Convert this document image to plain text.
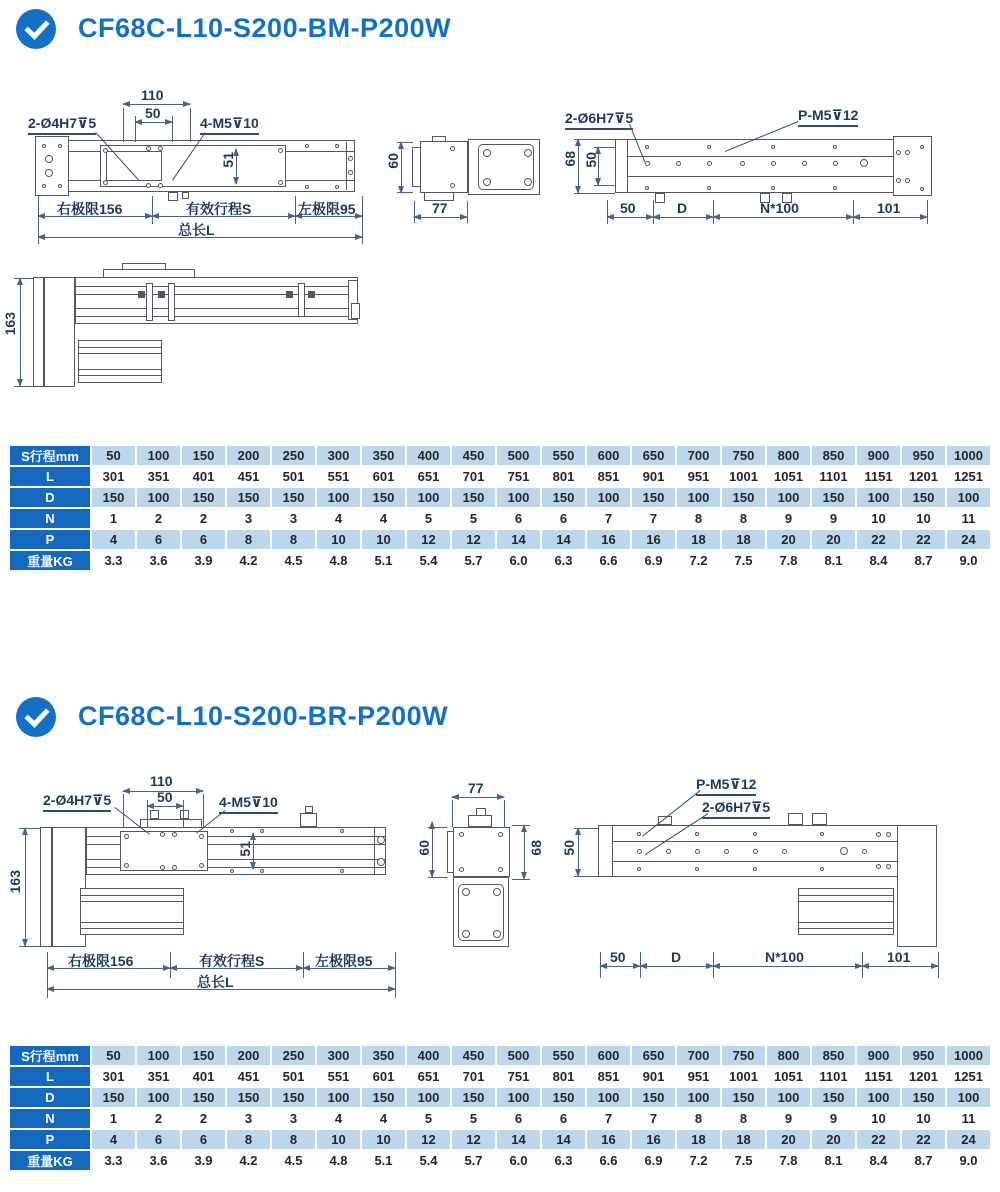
CF68C-L10-S200-BM-P200W
110
50
2-Ø4H7⊽5	4-M5⊽10
51
右极限156	有效行程S	左极限95
总长L
60
77
68 50
2-Ø6H7⊽5	P-M5⊽12
50	D	N*100	101
163
S行程mm	50	100	150	200	250	300	350	400	450	500	550	600	650	700	750	800	850	900	950	1000
L	301	351	401	451	501	551	601	651	701	751	801	851	901	951	1001	1051	1101	1151	1201	1251
D	150	100	150	150	150	100	150	100	150	100	150	100	150	100	150	100	150	100	150	100
N	1	2	2	3	3	4	4	5	5	6	6	7	7	8	8	9	9	10	10	11
P	4	6	6	8	8	10	10	12	12	14	14	16	16	18	18	20	20	22	22	24
重量KG	3.3	3.6	3.9	4.2	4.5	4.8	5.1	5.4	5.7	6.0	6.3	6.6	6.9	7.2	7.5	7.8	8.1	8.4	8.7	9.0
CF68C-L10-S200-BR-P200W
110
50
2-Ø4H7⊽5	4-M5⊽10
51
163
右极限156	有效行程S	左极限95
总长L
77
60	68
P-M5⊽12
2-Ø6H7⊽5
50
50	D	N*100	101
S行程mm	50	100	150	200	250	300	350	400	450	500	550	600	650	700	750	800	850	900	950	1000
L	301	351	401	451	501	551	601	651	701	751	801	851	901	951	1001	1051	1101	1151	1201	1251
D	150	100	150	150	150	100	150	100	150	100	150	100	150	100	150	100	150	100	150	100
N	1	2	2	3	3	4	4	5	5	6	6	7	7	8	8	9	9	10	10	11
P	4	6	6	8	8	10	10	12	12	14	14	16	16	18	18	20	20	22	22	24
重量KG	3.3	3.6	3.9	4.2	4.5	4.8	5.1	5.4	5.7	6.0	6.3	6.6	6.9	7.2	7.5	7.8	8.1	8.4	8.7	9.0
